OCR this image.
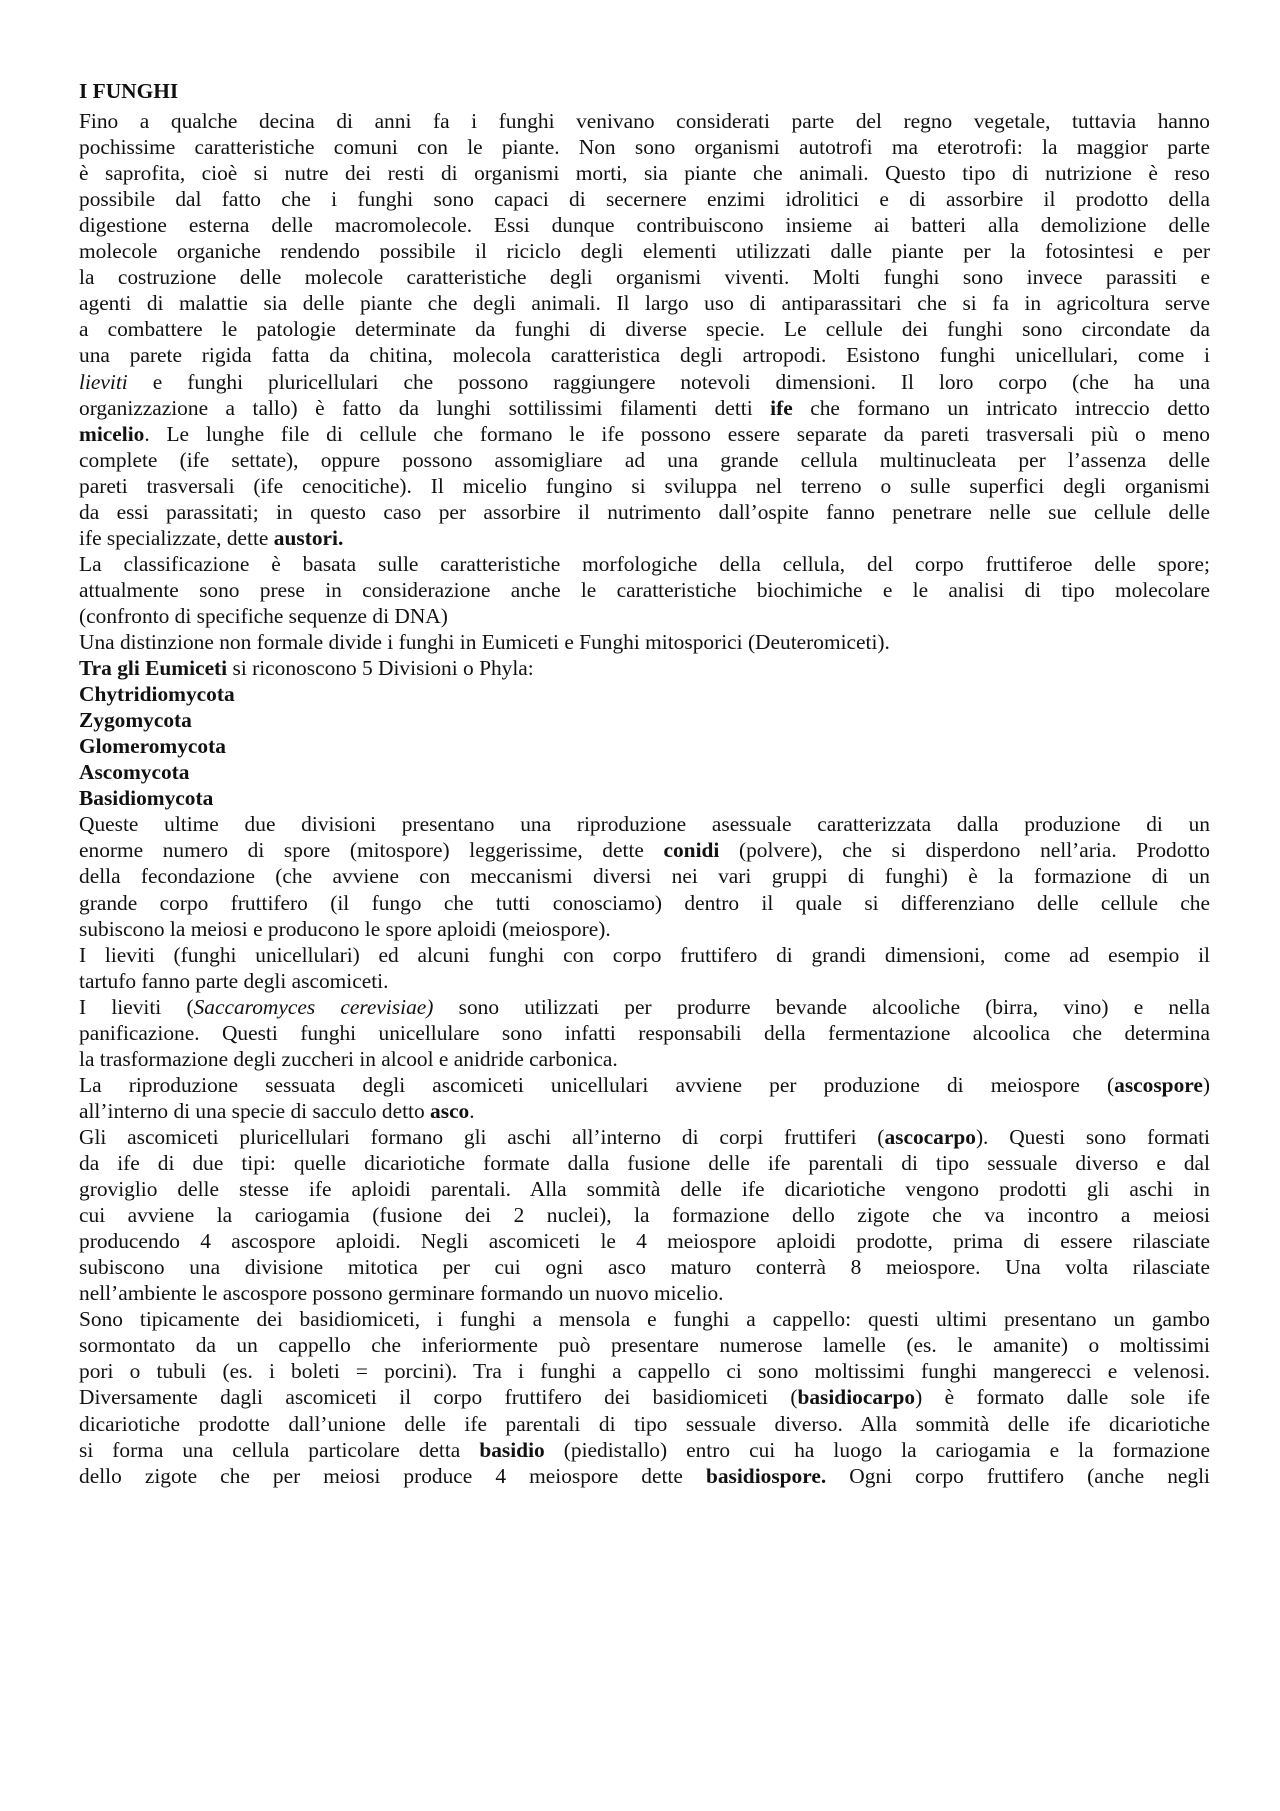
I FUNGHI
Fino a qualche decina di anni fa i funghi venivano considerati parte del regno vegetale, tuttavia hanno
pochissime caratteristiche comuni con le piante. Non sono organismi autotrofi ma eterotrofi: la maggior parte
è saprofita, cioè si nutre dei resti di organismi morti, sia piante che animali. Questo tipo di nutrizione è reso
possibile dal fatto che i funghi sono capaci di secernere enzimi idrolitici e di assorbire il prodotto della
digestione esterna delle macromolecole. Essi dunque contribuiscono insieme ai batteri alla demolizione delle
molecole organiche rendendo possibile il riciclo degli elementi utilizzati dalle piante per la fotosintesi e per
la costruzione delle molecole caratteristiche degli organismi viventi. Molti funghi sono invece parassiti e
agenti di malattie sia delle piante che degli animali. Il largo uso di antiparassitari che si fa in agricoltura serve
a combattere le patologie determinate da funghi di diverse specie. Le cellule dei funghi sono circondate da
una parete rigida fatta da chitina, molecola caratteristica degli artropodi. Esistono funghi unicellulari, come i
lieviti e funghi pluricellulari che possono raggiungere notevoli dimensioni. Il loro corpo (che ha una
organizzazione a tallo) è fatto da lunghi sottilissimi filamenti detti ife che formano un intricato intreccio detto
micelio. Le lunghe file di cellule che formano le ife possono essere separate da pareti trasversali più o meno
complete (ife settate), oppure possono assomigliare ad una grande cellula multinucleata per l’assenza delle
pareti trasversali (ife cenocitiche). Il micelio fungino si sviluppa nel terreno o sulle superfici degli organismi
da essi parassitati; in questo caso per assorbire il nutrimento dall’ospite fanno penetrare nelle sue cellule delle
ife specializzate, dette austori.
La classificazione è basata sulle caratteristiche morfologiche della cellula, del corpo fruttiferoe delle spore;
attualmente sono prese in considerazione anche le caratteristiche biochimiche e le analisi di tipo molecolare
(confronto di specifiche sequenze di DNA)
Una distinzione non formale divide i funghi in Eumiceti e Funghi mitosporici (Deuteromiceti).
Tra gli Eumiceti si riconoscono 5 Divisioni o Phyla:
Chytridiomycota
Zygomycota
Glomeromycota
Ascomycota
Basidiomycota
Queste ultime due divisioni presentano una riproduzione asessuale caratterizzata dalla produzione di un
enorme numero di spore (mitospore) leggerissime, dette conidi (polvere), che si disperdono nell’aria. Prodotto
della fecondazione (che avviene con meccanismi diversi nei vari gruppi di funghi) è la formazione di un
grande corpo fruttifero (il fungo che tutti conosciamo) dentro il quale si differenziano delle cellule che
subiscono la meiosi e producono le spore aploidi (meiospore).
I lieviti (funghi unicellulari) ed alcuni funghi con corpo fruttifero di grandi dimensioni, come ad esempio il
tartufo fanno parte degli ascomiceti.
I lieviti (Saccaromyces cerevisiae) sono utilizzati per produrre bevande alcooliche (birra, vino) e nella
panificazione. Questi funghi unicellulare sono infatti responsabili della fermentazione alcoolica che determina
la trasformazione degli zuccheri in alcool e anidride carbonica.
La riproduzione sessuata degli ascomiceti unicellulari avviene per produzione di meiospore (ascospore)
all’interno di una specie di sacculo detto asco.
Gli ascomiceti pluricellulari formano gli aschi all’interno di corpi fruttiferi (ascocarpo). Questi sono formati
da ife di due tipi: quelle dicariotiche formate dalla fusione delle ife parentali di tipo sessuale diverso e dal
groviglio delle stesse ife aploidi parentali. Alla sommità delle ife dicariotiche vengono prodotti gli aschi in
cui avviene la cariogamia (fusione dei 2 nuclei), la formazione dello zigote che va incontro a meiosi
producendo 4 ascospore aploidi. Negli ascomiceti le 4 meiospore aploidi prodotte, prima di essere rilasciate
subiscono una divisione mitotica per cui ogni asco maturo conterrà 8 meiospore. Una volta rilasciate
nell’ambiente le ascospore possono germinare formando un nuovo micelio.
Sono tipicamente dei basidiomiceti, i funghi a mensola e funghi a cappello: questi ultimi presentano un gambo
sormontato da un cappello che inferiormente può presentare numerose lamelle (es. le amanite) o moltissimi
pori o tubuli (es. i boleti = porcini). Tra i funghi a cappello ci sono moltissimi funghi mangerecci e velenosi.
Diversamente dagli ascomiceti il corpo fruttifero dei basidiomiceti (basidiocarpo) è formato dalle sole ife
dicariotiche prodotte dall’unione delle ife parentali di tipo sessuale diverso. Alla sommità delle ife dicariotiche
si forma una cellula particolare detta basidio (piedistallo) entro cui ha luogo la cariogamia e la formazione
dello zigote che per meiosi produce 4 meiospore dette basidiospore. Ogni corpo fruttifero (anche negli
